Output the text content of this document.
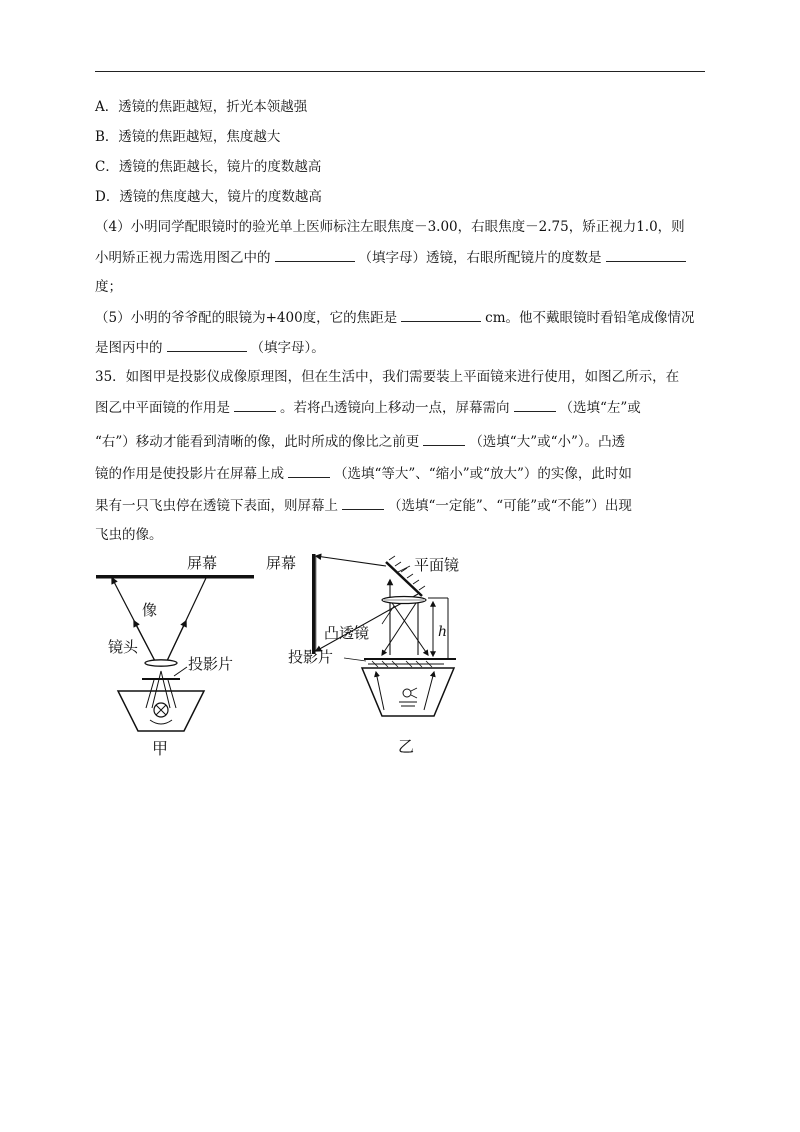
A．透镜的焦距越短，折光本领越强
B．透镜的焦距越短，焦度越大
C．透镜的焦距越长，镜片的度数越高
D．透镜的焦度越大，镜片的度数越高
（4）小明同学配眼镜时的验光单上医师标注左眼焦度－3.00，右眼焦度－2.75，矫正视力1.0，则
小明矫正视力需选用图乙中的	（填字母）透镜，右眼所配镜片的度数是
度；
（5）小明的爷爷配的眼镜为+400度，它的焦距是	cm。他不戴眼镜时看铅笔成像情况
是图丙中的	（填字母）。
35．如图甲是投影仪成像原理图，但在生活中，我们需要装上平面镜来进行使用，如图乙所示，在
图乙中平面镜的作用是	。若将凸透镜向上移动一点，屏幕需向	（选填“左”或
“右”）移动才能看到清晰的像，此时所成的像比之前更	（选填“大”或“小”）。凸透
镜的作用是使投影片在屏幕上成	（选填“等大”、“缩小”或“放大”）的实像，此时如
果有一只飞虫停在透镜下表面，则屏幕上	（选填“一定能”、“可能”或“不能”）出现
飞虫的像。
屏幕
像
镜头
投影片
甲
屏幕	平面镜
凸透镜	h
投影片
乙
